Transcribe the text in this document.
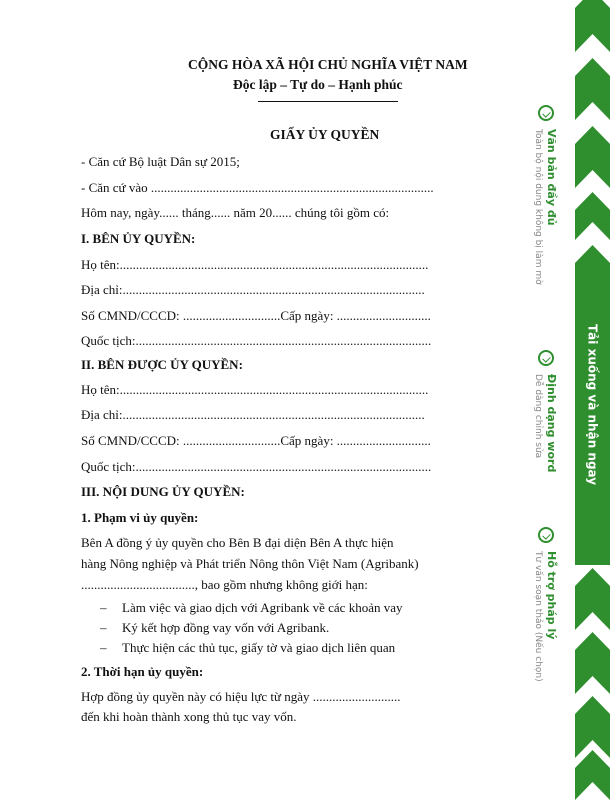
CỘNG HÒA XÃ HỘI CHỦ NGHĨA VIỆT NAM
Độc lập – Tự do – Hạnh phúc
GIẤY ỦY QUYỀN
- Căn cứ Bộ luật Dân sự 2015;
- Căn cứ vào .......................................................................................
Hôm nay, ngày...... tháng...... năm 20...... chúng tôi gồm có:
I. BÊN ỦY QUYỀN:
Họ tên:...............................................................................................
Địa chỉ:.............................................................................................
Số CMND/CCCD: ..............................Cấp ngày: .............................
Quốc tịch:...........................................................................................
II. BÊN ĐƯỢC ỦY QUYỀN:
Họ tên:...............................................................................................
Địa chỉ:.............................................................................................
Số CMND/CCCD: ..............................Cấp ngày: .............................
Quốc tịch:...........................................................................................
III. NỘI DUNG ỦY QUYỀN:
1. Phạm vi ủy quyền:
Bên A đồng ý ủy quyền cho Bên B đại diện Bên A thực hiện
hàng Nông nghiệp và Phát triển Nông thôn Việt Nam (Agribank)
..................................., bao gồm nhưng không giới hạn:
– Làm việc và giao dịch với Agribank về các khoản vay
– Ký kết hợp đồng vay vốn với Agribank.
– Thực hiện các thủ tục, giấy tờ và giao dịch liên quan
2. Thời hạn ủy quyền:
Hợp đồng ủy quyền này có hiệu lực từ ngày ...........................
đến khi hoàn thành xong thủ tục vay vốn.
Văn bản đầy đủ
Toàn bộ nội dung không bị làm mờ
Định dạng word
Dễ dàng chỉnh sửa
Hỗ trợ pháp lý
Tư vấn soạn thảo (Nếu chọn)
Tải xuống và nhận ngay
